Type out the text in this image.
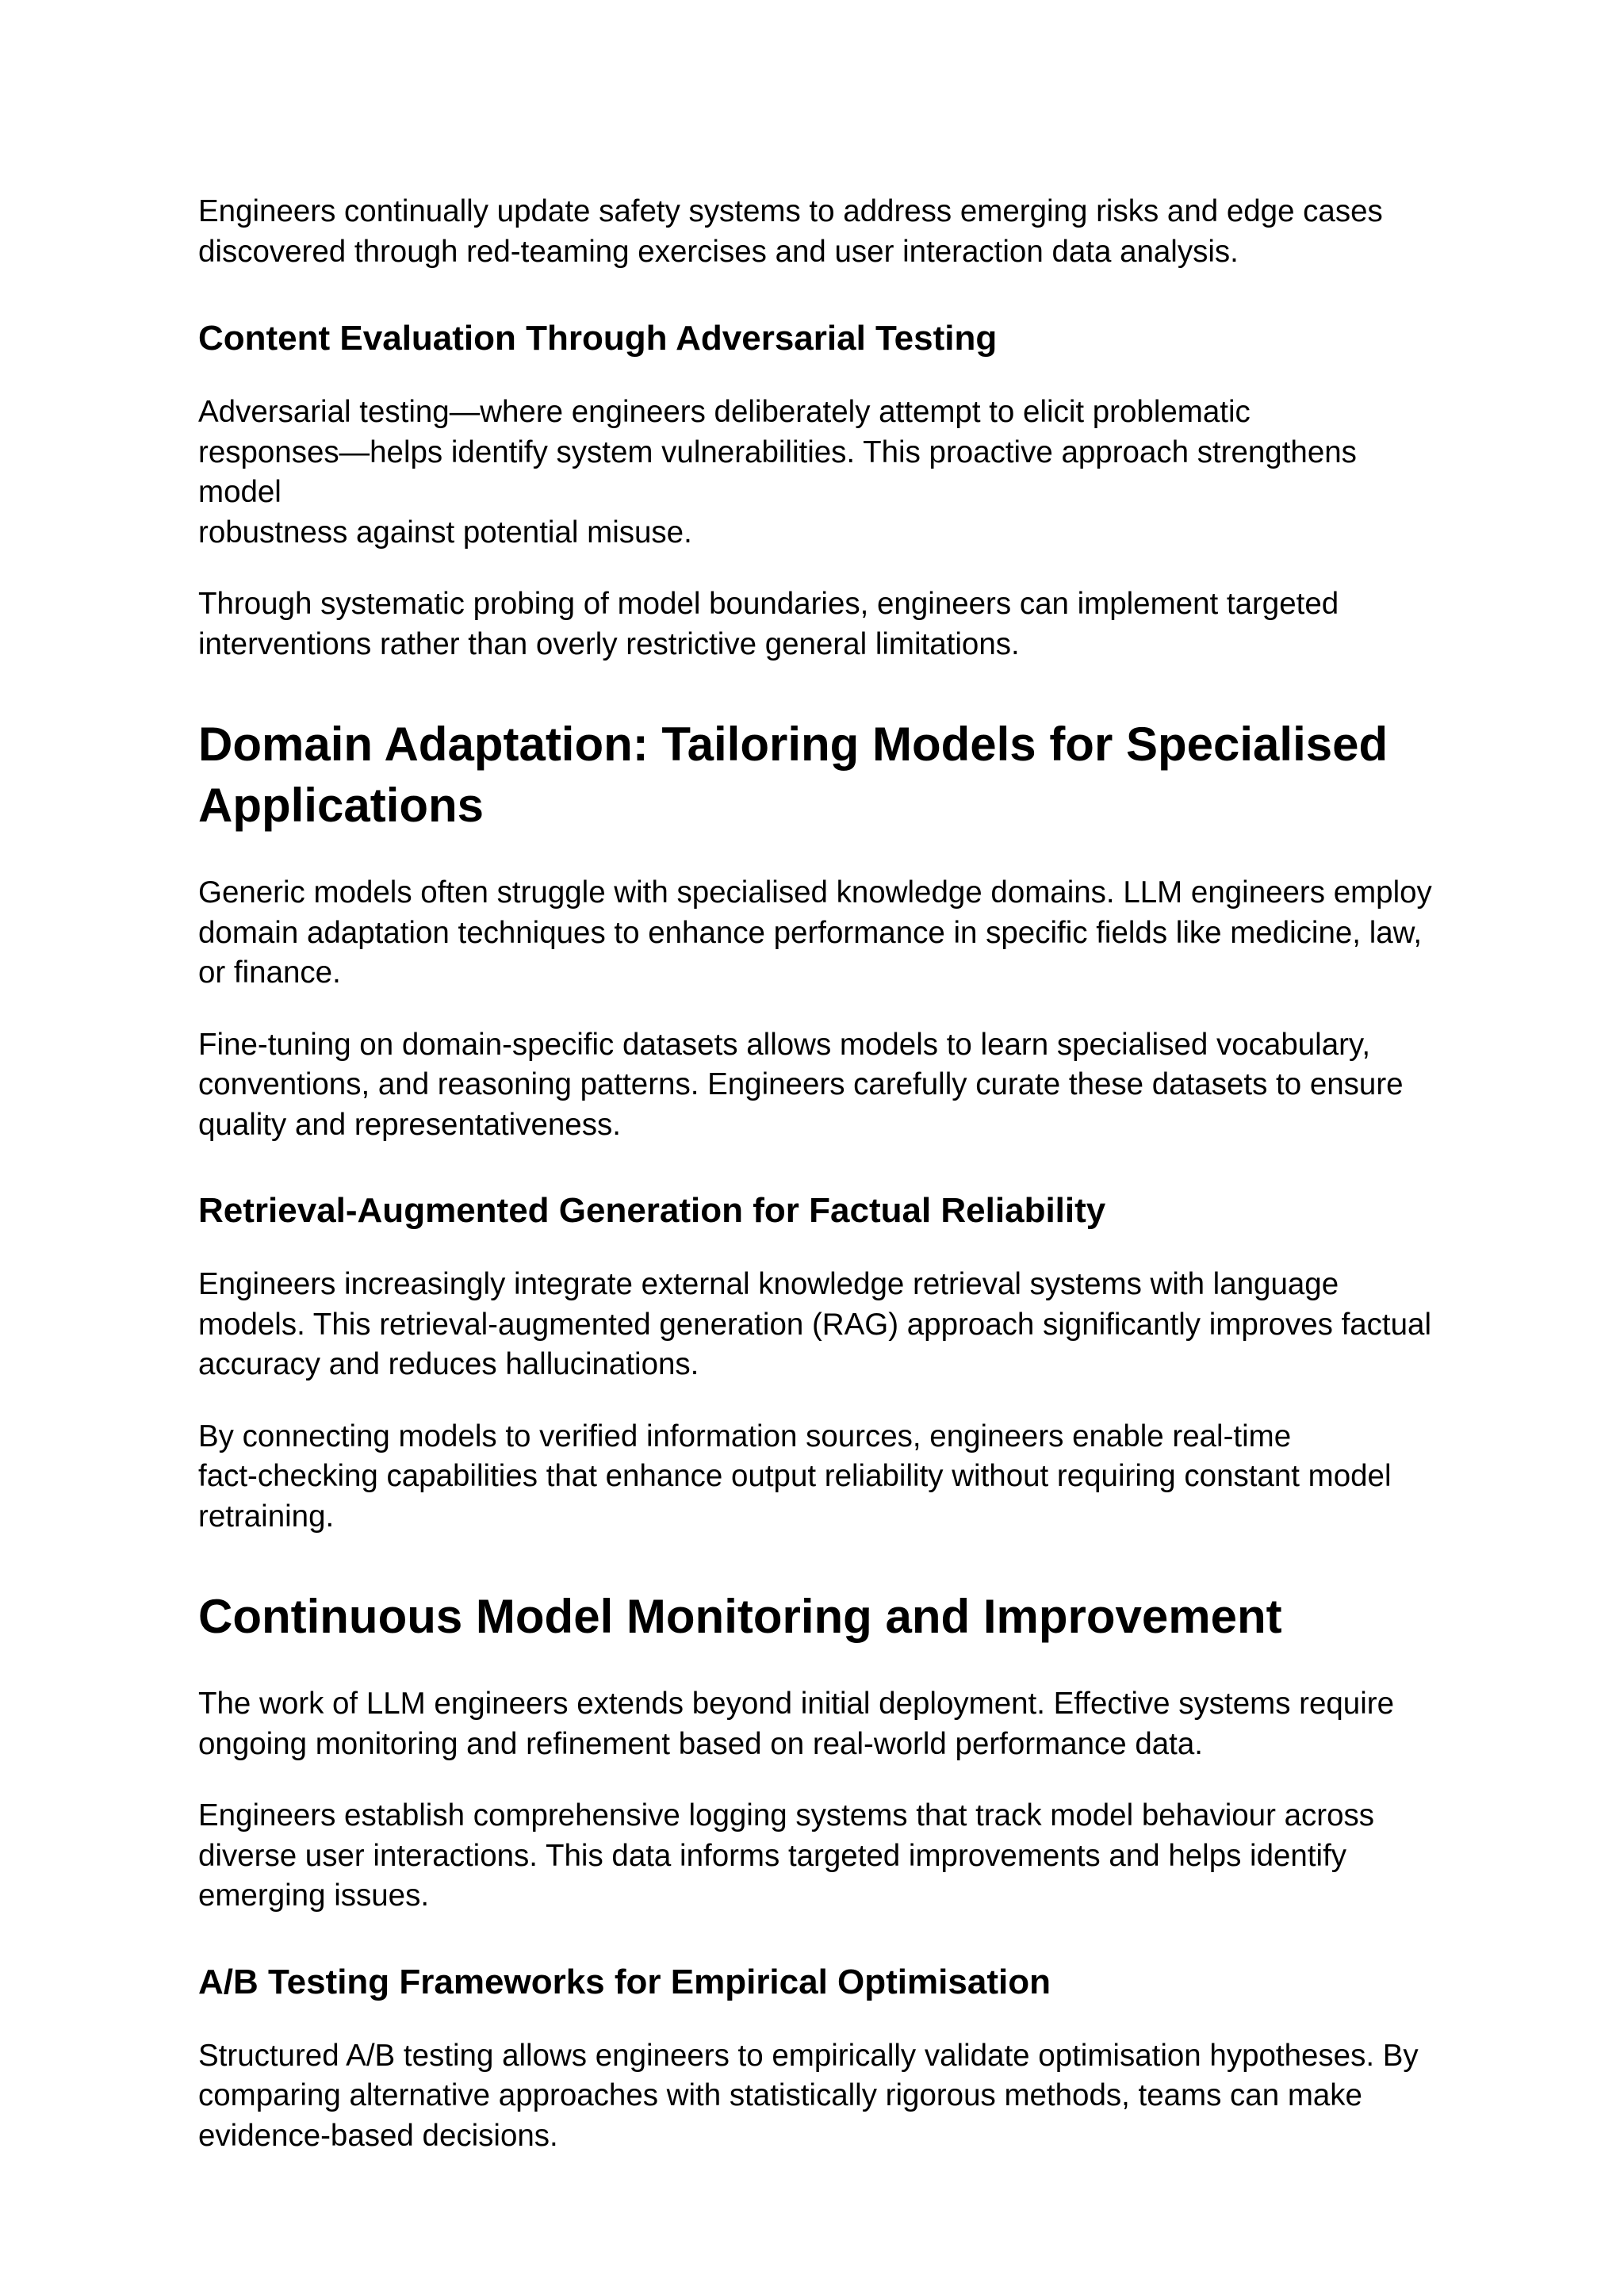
Engineers continually update safety systems to address emerging risks and edge cases
discovered through red-teaming exercises and user interaction data analysis.

Content Evaluation Through Adversarial Testing

Adversarial testing—where engineers deliberately attempt to elicit problematic
responses—helps identify system vulnerabilities. This proactive approach strengthens model
robustness against potential misuse.

Through systematic probing of model boundaries, engineers can implement targeted
interventions rather than overly restrictive general limitations.

Domain Adaptation: Tailoring Models for Specialised
Applications

Generic models often struggle with specialised knowledge domains. LLM engineers employ
domain adaptation techniques to enhance performance in specific fields like medicine, law,
or finance.

Fine-tuning on domain-specific datasets allows models to learn specialised vocabulary,
conventions, and reasoning patterns. Engineers carefully curate these datasets to ensure
quality and representativeness.

Retrieval-Augmented Generation for Factual Reliability

Engineers increasingly integrate external knowledge retrieval systems with language
models. This retrieval-augmented generation (RAG) approach significantly improves factual
accuracy and reduces hallucinations.

By connecting models to verified information sources, engineers enable real-time
fact-checking capabilities that enhance output reliability without requiring constant model
retraining.

Continuous Model Monitoring and Improvement

The work of LLM engineers extends beyond initial deployment. Effective systems require
ongoing monitoring and refinement based on real-world performance data.

Engineers establish comprehensive logging systems that track model behaviour across
diverse user interactions. This data informs targeted improvements and helps identify
emerging issues.

A/B Testing Frameworks for Empirical Optimisation

Structured A/B testing allows engineers to empirically validate optimisation hypotheses. By
comparing alternative approaches with statistically rigorous methods, teams can make
evidence-based decisions.
